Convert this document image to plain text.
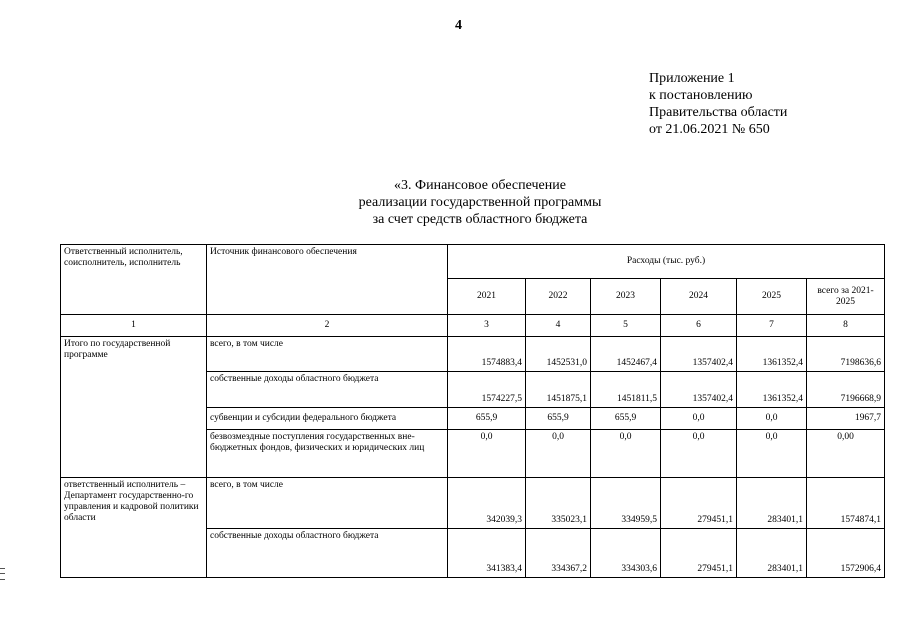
4
Приложение 1
к постановлению
Правительства области
от 21.06.2021 № 650
«3. Финансовое обеспечение
реализации государственной программы
за счет средств областного бюджета
Ответственный исполнитель, соисполнитель, исполнитель	Источник финансового обеспечения	Расходы (тыс. руб.)					
		2021	2022	2023	2024	2025	всего за 2021-2025
1	2	3	4	5	6	7	8
Итого по государственной программе	всего, в том числе	1574883,4	1452531,0	1452467,4	1357402,4	1361352,4	7198636,6
	собственные доходы областного бюджета	1574227,5	1451875,1	1451811,5	1357402,4	1361352,4	7196668,9
	субвенции и субсидии федерального бюджета	655,9	655,9	655,9	0,0	0,0	1967,7
	безвозмездные поступления государственных вне-бюджетных фондов, физических и юридических лиц	0,0	0,0	0,0	0,0	0,0	0,00
ответственный исполнитель – Департамент государственно-го управления и кадровой политики области	всего, в том числе	342039,3	335023,1	334959,5	279451,1	283401,1	1574874,1
	собственные доходы областного бюджета	341383,4	334367,2	334303,6	279451,1	283401,1	1572906,4
